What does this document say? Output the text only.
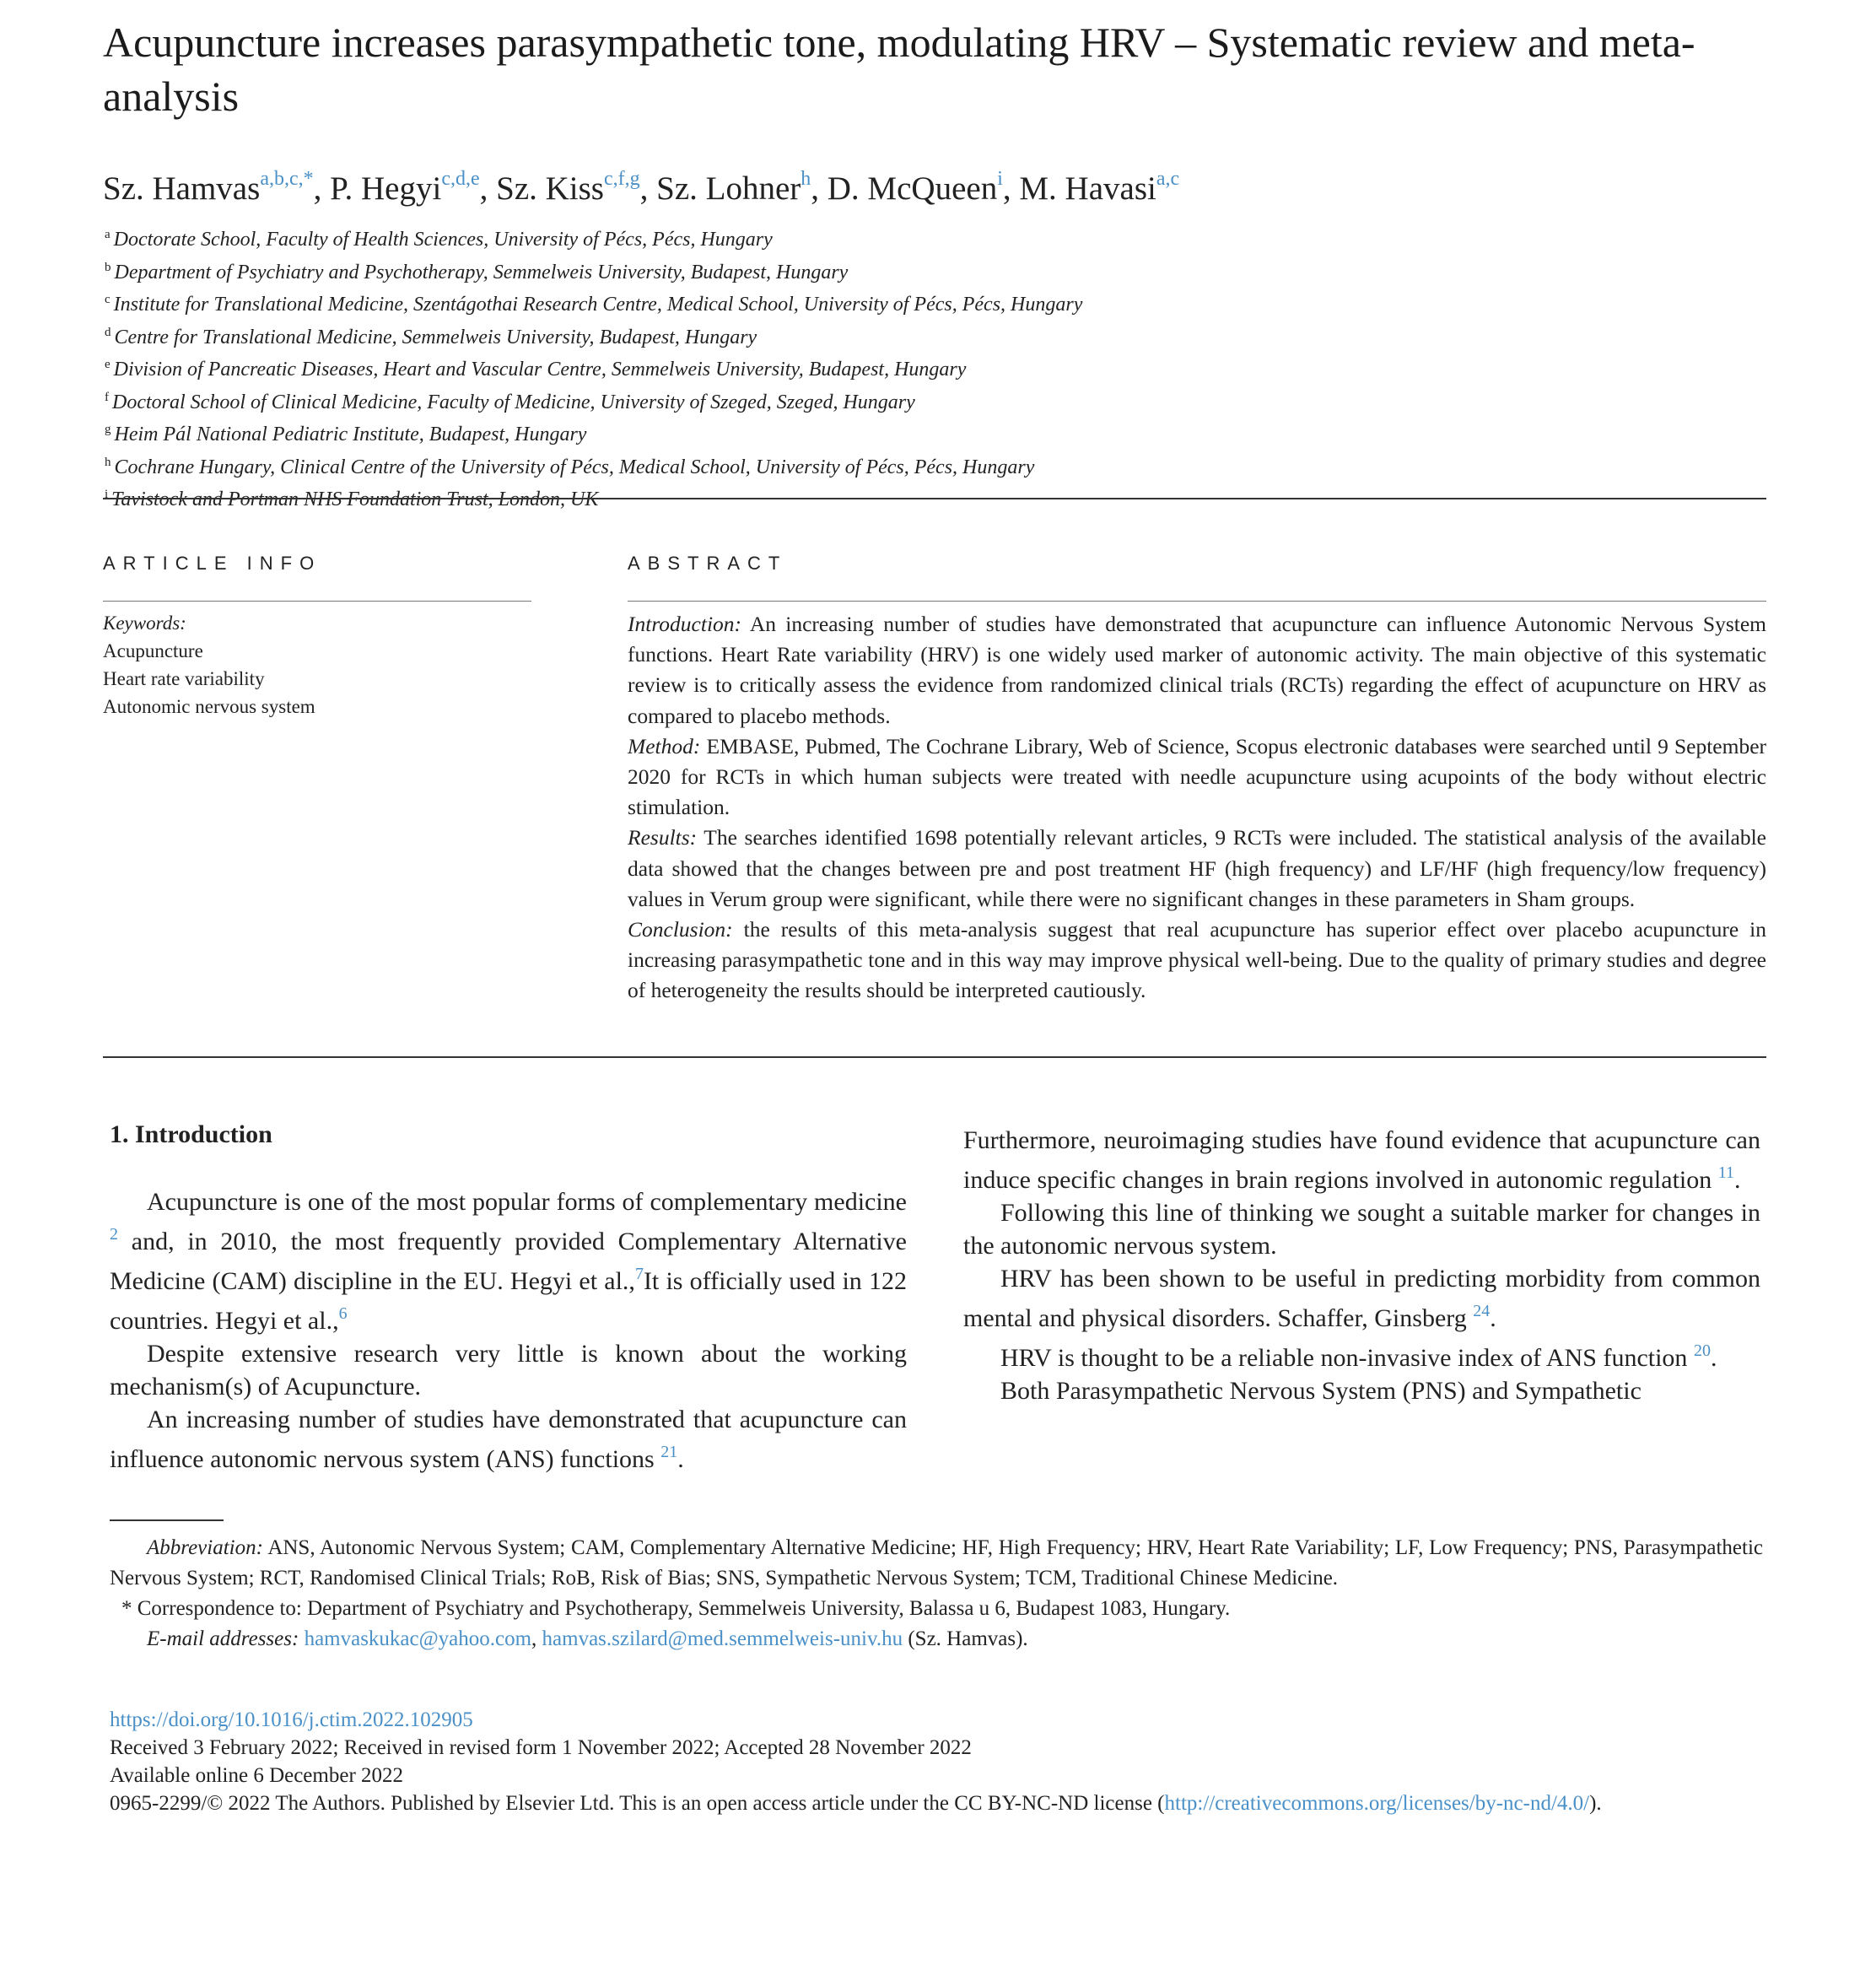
Acupuncture increases parasympathetic tone, modulating HRV – Systematic review and meta-analysis
Sz. Hamvas$^{a,b,c,*}$, P. Hegyi$^{c,d,e}$, Sz. Kiss$^{c,f,g}$, Sz. Lohner$^h$, D. McQueen$^i$, M. Havasi$^{a,c}$
$^a$ Doctorate School, Faculty of Health Sciences, University of Pécs, Pécs, Hungary
$^b$ Department of Psychiatry and Psychotherapy, Semmelweis University, Budapest, Hungary
$^c$ Institute for Translational Medicine, Szentágothai Research Centre, Medical School, University of Pécs, Pécs, Hungary
$^d$ Centre for Translational Medicine, Semmelweis University, Budapest, Hungary
$^e$ Division of Pancreatic Diseases, Heart and Vascular Centre, Semmelweis University, Budapest, Hungary
$^f$ Doctoral School of Clinical Medicine, Faculty of Medicine, University of Szeged, Szeged, Hungary
$^g$ Heim Pál National Pediatric Institute, Budapest, Hungary
$^h$ Cochrane Hungary, Clinical Centre of the University of Pécs, Medical School, University of Pécs, Pécs, Hungary
$^i$ Tavistock and Portman NHS Foundation Trust, London, UK
ARTICLE INFO	ABSTRACT
Keywords:
Acupuncture
Heart rate variability
Autonomic nervous system

Introduction: An increasing number of studies have demonstrated that acupuncture can influence Autonomic Nervous System functions. Heart Rate variability (HRV) is one widely used marker of autonomic activity. The main objective of this systematic review is to critically assess the evidence from randomized clinical trials (RCTs) regarding the effect of acupuncture on HRV as compared to placebo methods.

Method: EMBASE, Pubmed, The Cochrane Library, Web of Science, Scopus electronic databases were searched until 9 September 2020 for RCTs in which human subjects were treated with needle acupuncture using acupoints of the body without electric stimulation.

Results: The searches identified 1698 potentially relevant articles, 9 RCTs were included. The statistical analysis of the available data showed that the changes between pre and post treatment HF (high frequency) and LF/HF (high frequency/low frequency) values in Verum group were significant, while there were no significant changes in these parameters in Sham groups.

Conclusion: the results of this meta-analysis suggest that real acupuncture has superior effect over placebo acupuncture in increasing parasympathetic tone and in this way may improve physical well-being. Due to the quality of primary studies and degree of heterogeneity the results should be interpreted cautiously.

1. Introduction

Acupuncture is one of the most popular forms of complementary medicine $^2$ and, in 2010, the most frequently provided Complementary Alternative Medicine (CAM) discipline in the EU. Hegyi et al.,$^7$It is officially used in 122 countries. Hegyi et al.,$^6$

Despite extensive research very little is known about the working mechanism(s) of Acupuncture.

An increasing number of studies have demonstrated that acupuncture can influence autonomic nervous system (ANS) functions $^{21}$.

Furthermore, neuroimaging studies have found evidence that acupuncture can induce specific changes in brain regions involved in autonomic regulation $^{11}$.

Following this line of thinking we sought a suitable marker for changes in the autonomic nervous system.

HRV has been shown to be useful in predicting morbidity from common mental and physical disorders. Schaffer, Ginsberg $^{24}$.

HRV is thought to be a reliable non-invasive index of ANS function $^{20}$.

Both Parasympathetic Nervous System (PNS) and Sympathetic

Abbreviation: ANS, Autonomic Nervous System; CAM, Complementary Alternative Medicine; HF, High Frequency; HRV, Heart Rate Variability; LF, Low Frequency; PNS, Parasympathetic Nervous System; RCT, Randomised Clinical Trials; RoB, Risk of Bias; SNS, Sympathetic Nervous System; TCM, Traditional Chinese Medicine.

* Correspondence to: Department of Psychiatry and Psychotherapy, Semmelweis University, Balassa u 6, Budapest 1083, Hungary.

E-mail addresses: hamvaskukac@yahoo.com, hamvas.szilard@med.semmelweis-univ.hu (Sz. Hamvas).

https://doi.org/10.1016/j.ctim.2022.102905

Received 3 February 2022; Received in revised form 1 November 2022; Accepted 28 November 2022

Available online 6 December 2022

0965-2299/© 2022 The Authors. Published by Elsevier Ltd. This is an open access article under the CC BY-NC-ND license (http://creativecommons.org/licenses/by-nc-nd/4.0/).
